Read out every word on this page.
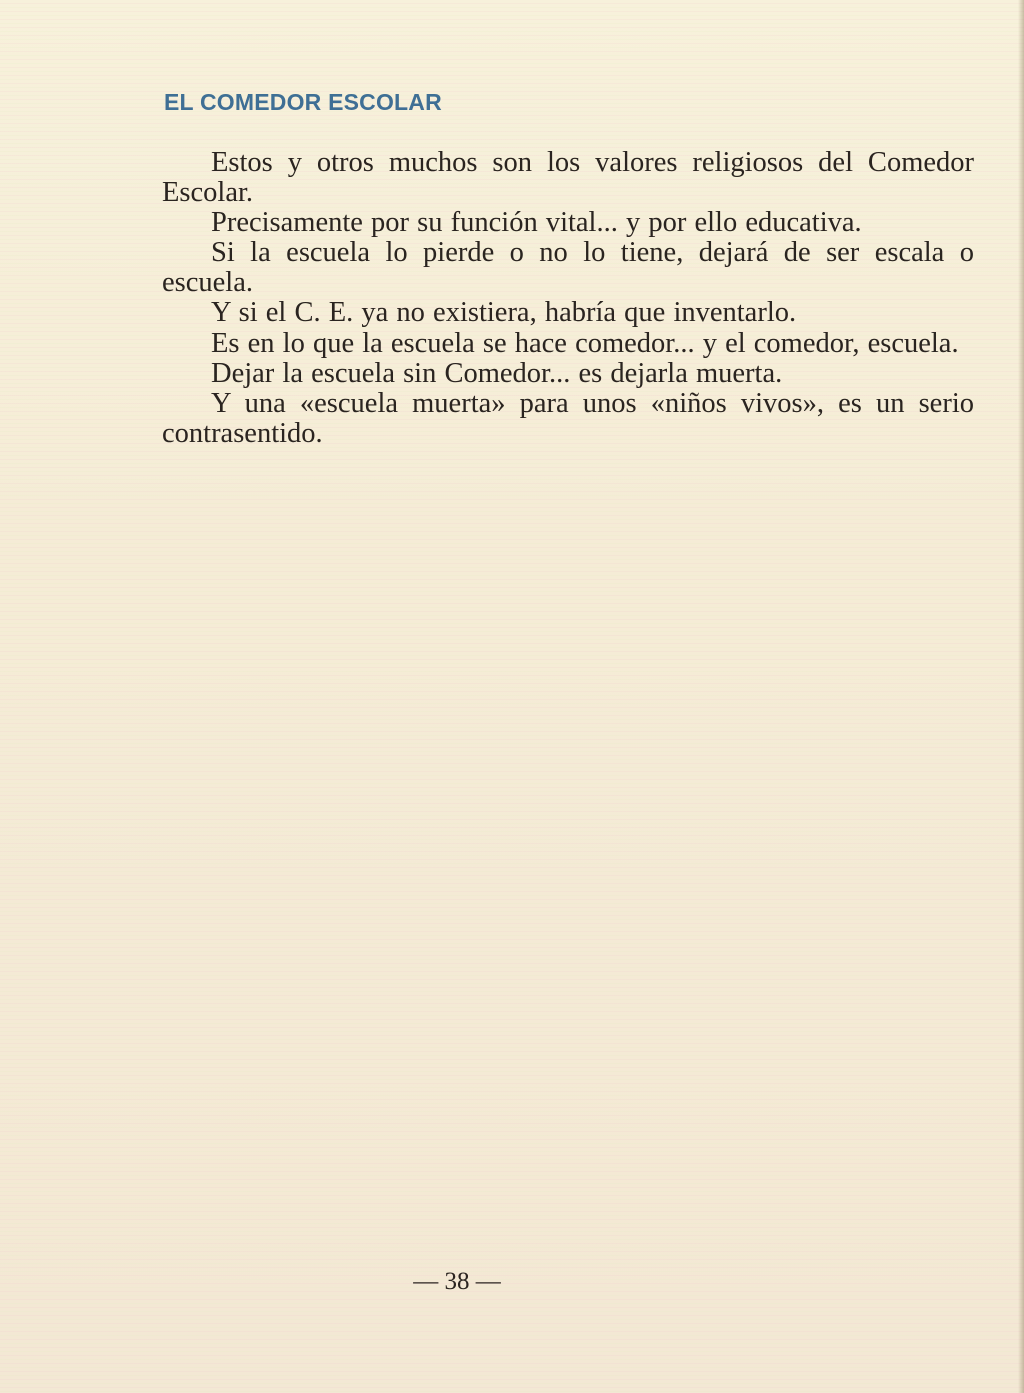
EL COMEDOR ESCOLAR

Estos y otros muchos son los valores religiosos del Comedor Escolar.

Precisamente por su función vital... y por ello educativa.

Si la escuela lo pierde o no lo tiene, dejará de ser escala o escuela.

Y si el C. E. ya no existiera, habría que inventarlo.

Es en lo que la escuela se hace comedor... y el comedor, escuela.

Dejar la escuela sin Comedor... es dejarla muerta.

Y una «escuela muerta» para unos «niños vivos», es un serio contrasentido.

— 38 —
